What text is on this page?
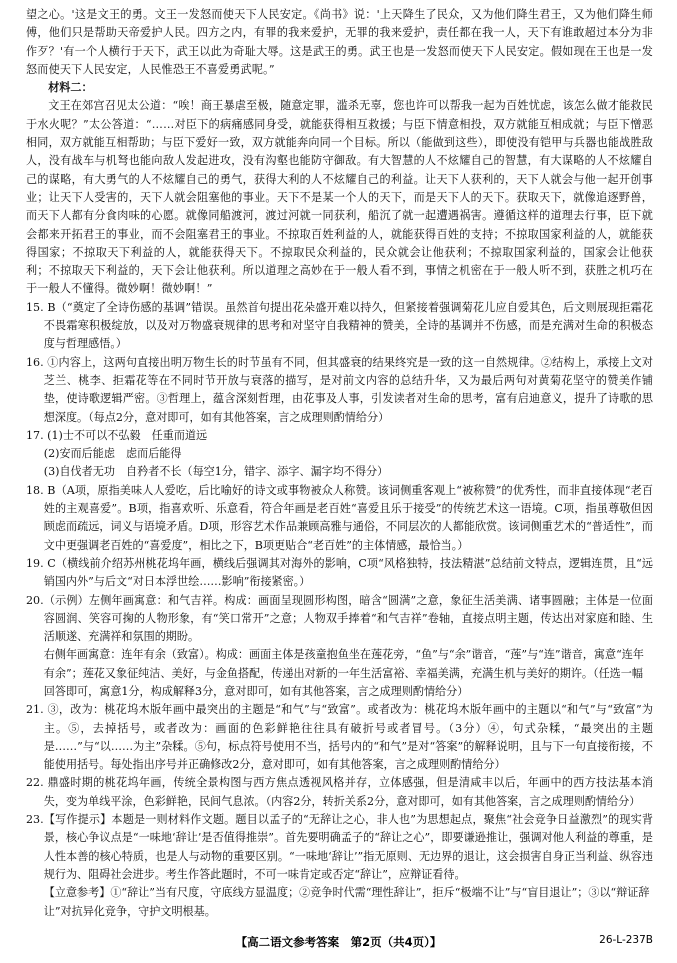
望之心。'这是文王的勇。文王一发怒而使天下人民安定。《尚书》说：'上天降生了民众，又为他们降生君王，又为他们降生师傅，他们只是帮助天帝爱护人民。四方之内，有罪的我来爱护，无罪的我来爱护，责任都在我一人，天下有谁敢超过本分为非作歹？'有一个人横行于天下，武王以此为奇耻大辱。这是武王的勇。武王也是一发怒而使天下人民安定。假如现在王也是一发怒而使天下人民安定，人民惟恐王不喜爱勇武呢。”

材料二：

文王在郊宫召见太公道：“唉！商王暴虐至极，随意定罪，滥杀无辜，您也许可以帮我一起为百姓忧虑，该怎么做才能救民于水火呢？”太公答道：“……对臣下的病痛感同身受，就能获得相互救援；与臣下情意相投，双方就能互相成就；与臣下憎恶相同，双方就能互相帮助；与臣下爱好一致，双方就能奔向同一个目标。所以（能做到这些），即使没有铠甲与兵器也能战胜敌人，没有战车与机弩也能向敌人发起进攻，没有沟壑也能防守御敌。有大智慧的人不炫耀自己的智慧，有大谋略的人不炫耀自己的谋略，有大勇气的人不炫耀自己的勇气，获得大利的人不炫耀自己的利益。让天下人获利的，天下人就会与他一起开创事业；让天下人受害的，天下人就会阻塞他的事业。天下不是某一个人的天下，而是天下人的天下。获取天下，就像追逐野兽，而天下人都有分食肉味的心愿。就像同船渡河，渡过河就一同获利，船沉了就一起遭遇祸害。遵循这样的道理去行事，臣下就会都来开拓君王的事业，而不会阻塞君王的事业。不掠取百姓利益的人，就能获得百姓的支持；不掠取国家利益的人，就能获得国家；不掠取天下利益的人，就能获得天下。不掠取民众利益的，民众就会让他获利；不掠取国家利益的，国家会让他获利；不掠取天下利益的，天下会让他获利。所以道理之高妙在于一般人看不到，事情之机密在于一般人听不到，获胜之机巧在于一般人不懂得。微妙啊！微妙啊！”

15. B（“奠定了全诗伤感的基调”错误。虽然首句提出花朵盛开难以持久，但紧接着强调菊花儿应自爱其色，后文则展现拒霜花不畏霜寒积极绽放，以及对万物盛衰规律的思考和对坚守自我精神的赞美，全诗的基调并不伤感，而是充满对生命的积极态度与哲理感悟。）

16. ①内容上，这两句直接出明万物生长的时节虽有不同，但其盛衰的结果终究是一致的这一自然规律。②结构上，承接上文对芝兰、桃李、拒霜花等在不同时节开放与衰落的描写，是对前文内容的总结升华，又为最后两句对黄菊花坚守的赞美作铺垫，使诗歌逻辑严密。③哲理上，蕴含深刻哲理，由花事及人事，引发读者对生命的思考，富有启迪意义，提升了诗歌的思想深度。（每点2分，意对即可，如有其他答案，言之成理则酌情给分）

17. (1)士不可以不弘毅　任重而道远

(2)安而后能虑　虑而后能得

(3)自伐者无功　自矜者不长（每空1分，错字、添字、漏字均不得分）

18. B（A项，原指美味人人爱吃，后比喻好的诗文或事物被众人称赞。该词侧重客观上“被称赞”的优秀性，而非直接体现“老百姓的主观喜爱”。B项，指喜欢听、乐意看，符合年画是老百姓“喜爱且乐于接受”的传统艺术这一语境。C项，指虽尊敬但因顾虑而疏远，词义与语境矛盾。D项，形容艺术作品兼顾高雅与通俗，不同层次的人都能欣赏。该词侧重艺术的“普适性”，而文中更强调老百姓的“喜爱度”，相比之下，B项更贴合“老百姓”的主体情感，最恰当。）

19. C（横线前介绍苏州桃花坞年画，横线后强调其对海外的影响，C项“风格独特，技法精湛”总结前文特点，逻辑连贯，且“远销国内外”与后文“对日本浮世绘……影响”衔接紧密。）

20.（示例）左侧年画寓意：和气吉祥。构成：画面呈现圆形构图，暗含“圆满”之意，象征生活美满、诸事圆融；主体是一位面容圆润、笑容可掬的人物形象，有“笑口常开”之意；人物双手捧着“和气吉祥”卷轴，直接点明主题，传达出对家庭和睦、生活顺遂、充满祥和氛围的期盼。

右侧年画寓意：连年有余（致富）。构成：画面主体是孩童抱鱼坐在莲花旁，“鱼”与“余”谐音，“莲”与“连”谐音，寓意“连年有余”；莲花又象征纯洁、美好，与金鱼搭配，传递出对新的一年生活富裕、幸福美满，充满生机与美好的期许。（任选一幅回答即可，寓意1分，构成解释3分，意对即可，如有其他答案，言之成理则酌情给分）

21. ③，改为：桃花坞木版年画中最突出的主题是“和气”与“致富”。或者改为：桃花坞木版年画中的主题以“和气”与“致富”为主。⑤，去掉括号，或者改为：画面的色彩鲜艳往往具有破折号或者冒号。（3分）④，句式杂糅，“最突出的主题是……”与“以……为主”杂糅。⑤句，标点符号使用不当，括号内的“和气”是对“答案”的解释说明，且与下一句直接衔接，不能使用括号。每处指出序号并正确修改2分，意对即可，如有其他答案，言之成理则酌情给分）

22. 鼎盛时期的桃花坞年画，传统全景构图与西方焦点透视风格并存，立体感强，但是清咸丰以后，年画中的西方技法基本消失，变为单线平涂，色彩鲜艳，民间气息浓。（内容2分，转折关系2分，意对即可，如有其他答案，言之成理则酌情给分）

23.【写作提示】本题是一则材料作文题。题目以孟子的“无辞让之心，非人也”为思想起点，聚焦“社会竞争日益激烈”的现实背景，核心争议点是“一味地‘辞让’是否值得推崇”。首先要明确孟子的“辞让之心”，即要谦逊推让，强调对他人利益的尊重，是人性本善的核心特质，也是人与动物的重要区别。“一味地‘辞让’”指无原则、无边界的退让，这会损害自身正当利益、纵容违规行为、阻碍社会进步。考生作答此题时，不可一味肯定或否定“辞让”，应辩证看待。

【立意参考】①“辞让”当有尺度，守底线方显温度；②竞争时代需“理性辞让”，拒斥“极端不让”与“盲目退让”；③以“辩证辞让”对抗异化竞争，守护文明根基。

【高二语文参考答案　第2页（共4页）】	26-L-237B
